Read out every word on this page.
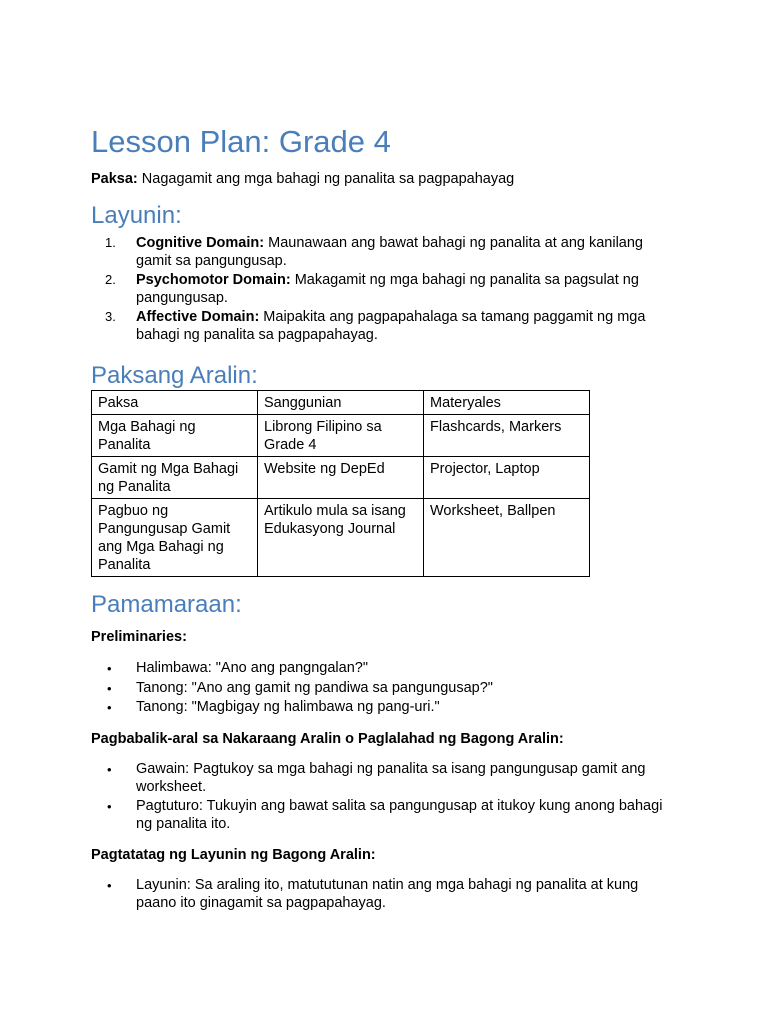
Lesson Plan: Grade 4
Paksa: Nagagamit ang mga bahagi ng panalita sa pagpapahayag
Layunin:
1. Cognitive Domain: Maunawaan ang bawat bahagi ng panalita at ang kanilang gamit sa pangungusap.
2. Psychomotor Domain: Makagamit ng mga bahagi ng panalita sa pagsulat ng pangungusap.
3. Affective Domain: Maipakita ang pagpapahalaga sa tamang paggamit ng mga bahagi ng panalita sa pagpapahayag.
Paksang Aralin:
Paksa	Sanggunian	Materyales
Mga Bahagi ng Panalita	Librong Filipino sa Grade 4	Flashcards, Markers
Gamit ng Mga Bahagi ng Panalita	Website ng DepEd	Projector, Laptop
Pagbuo ng Pangungusap Gamit ang Mga Bahagi ng Panalita	Artikulo mula sa isang Edukasyong Journal	Worksheet, Ballpen
Pamamaraan:
Preliminaries:
• Halimbawa: "Ano ang pangngalan?"
• Tanong: "Ano ang gamit ng pandiwa sa pangungusap?"
• Tanong: "Magbigay ng halimbawa ng pang-uri."
Pagbabalik-aral sa Nakaraang Aralin o Paglalahad ng Bagong Aralin:
• Gawain: Pagtukoy sa mga bahagi ng panalita sa isang pangungusap gamit ang worksheet.
• Pagtuturo: Tukuyin ang bawat salita sa pangungusap at itukoy kung anong bahagi ng panalita ito.
Pagtatatag ng Layunin ng Bagong Aralin:
• Layunin: Sa araling ito, matututunan natin ang mga bahagi ng panalita at kung paano ito ginagamit sa pagpapahayag.
